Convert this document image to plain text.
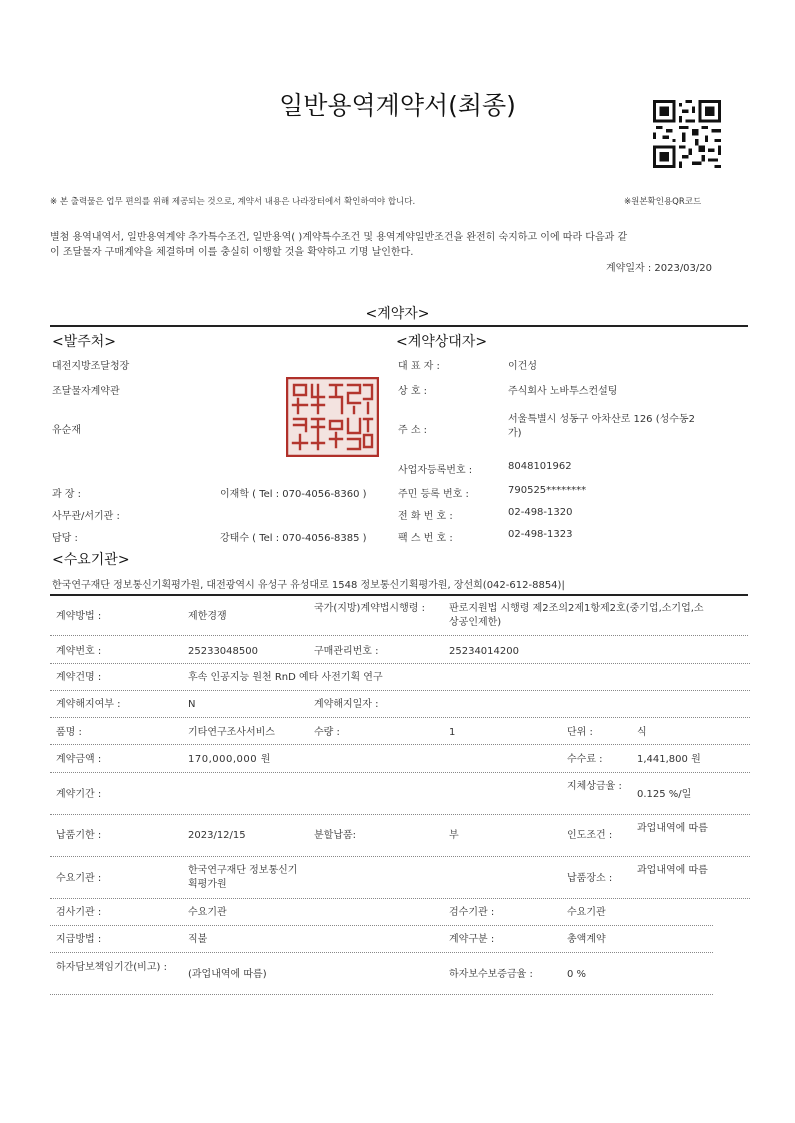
일반용역계약서(최종)
※ 본 출력물은 업무 편의를 위해 제공되는 것으로, 계약서 내용은 나라장터에서 확인하여야 합니다.	※원본확인용QR코드
별첨 용역내역서, 일반용역계약 추가특수조건, 일반용역( )계약특수조건 및 용역계약일반조건을 완전히 숙지하고 이에 따라 다음과 같
이 조달물자 구매계약을 체결하며 이를 충실히 이행할 것을 확약하고 기명 날인한다.
계약일자 : 2023/03/20
<계약자>
<발주처>	<계약상대자>
대전지방조달청장
조달물자계약관
유순재
과 장 :	이재학 ( Tel : 070-4056-8360 )
사무관/서기관 :
담당 :	강태수 ( Tel : 070-4056-8385 )
대 표 자 :	이건성
상 호 :	주식회사 노바투스컨설팅
주 소 :
서울특별시 성동구 아차산로 126 (성수동2가)
사업자등록번호 :	8048101962
주민 등록 번호 :	790525********
전 화 번 호 :	02-498-1320
팩 스 번 호 :	02-498-1323
<수요기관>
한국연구재단 정보통신기획평가원, 대전광역시 유성구 유성대로 1548 정보통신기획평가원, 장선희(042-612-8854)|
계약방법 :	제한경쟁
국가(지방)계약법시행령 :	판로지원법 시행령 제2조의2제1항제2호(중기업,소기업,소상공인제한)
계약번호 :	25233048500	구매관리번호 :	25234014200
계약건명 :	후속 인공지능 원천 RnD 예타 사전기획 연구
계약해지여부 :	N	계약해지일자 :
품명 :	기타연구조사서비스	수량 :	1	단위 :	식
계약금액 :	170,000,000 원	수수료 :	1,441,800 원
계약기간 :
지체상금율 :
0.125 %/일
납품기한 :	2023/12/15	분할납품:	부	인도조건 :
과업내역에 따름
수요기관 :
한국연구재단 정보통신기획평가원
납품장소 :
과업내역에 따름
검사기관 :	수요기관	검수기관 :	수요기관
지급방법 :	직불	계약구분 :	총액계약
하자담보책임기간(비고) :
(과업내역에 따름)	하자보수보증금율 :	0 %
